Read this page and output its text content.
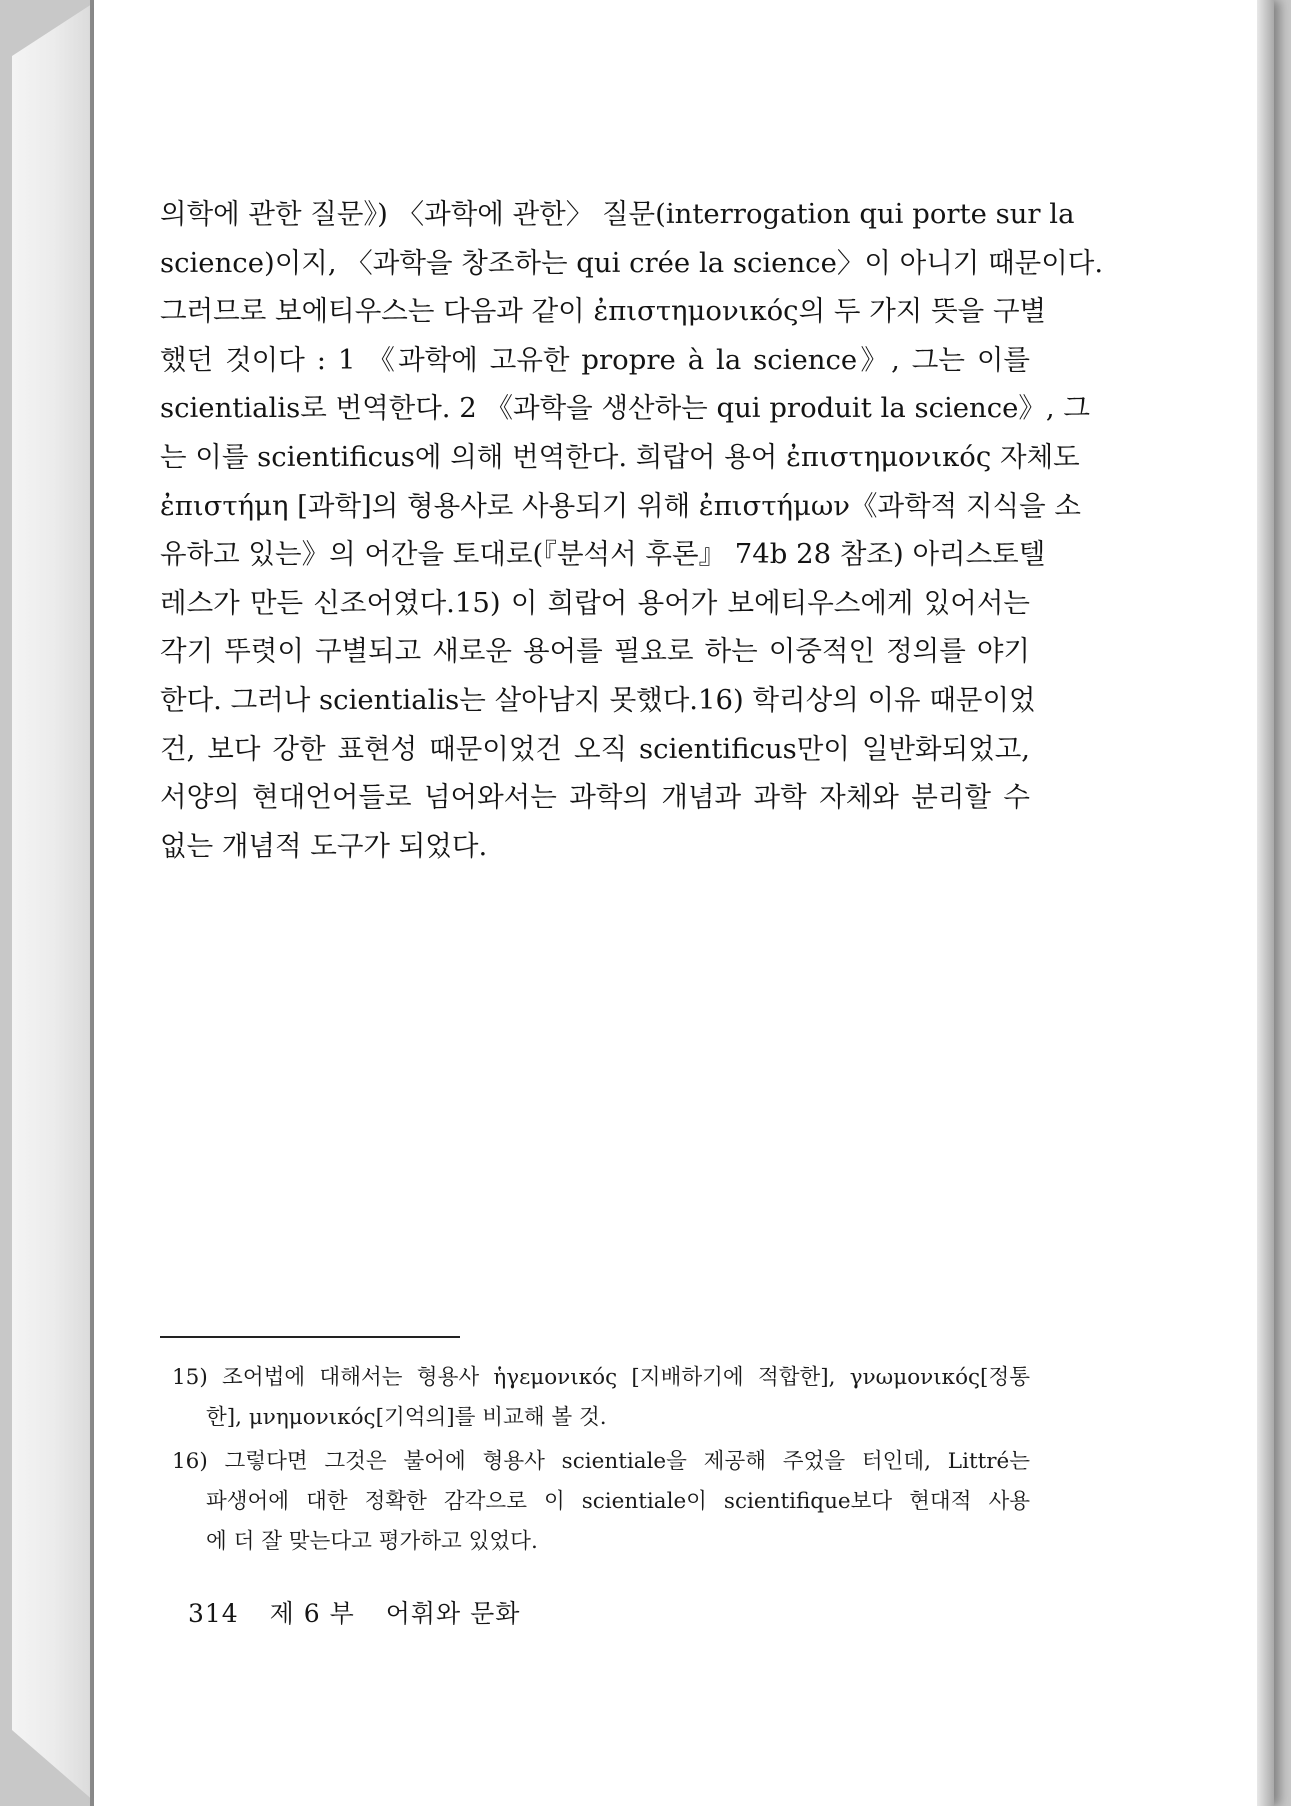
의학에 관한 질문》) 〈과학에 관한〉 질문(interrogation qui porte sur la

science)이지, 〈과학을 창조하는 qui crée la science〉이 아니기 때문이다.

그러므로 보에티우스는 다음과 같이 ἐπιστημονικός의 두 가지 뜻을 구별

했던 것이다 : 1 《과학에 고유한 propre à la science》, 그는 이를

scientialis로 번역한다. 2 《과학을 생산하는 qui produit la science》, 그

는 이를 scientificus에 의해 번역한다. 희랍어 용어 ἐπιστημονικός 자체도

ἐπιστήμη [과학]의 형용사로 사용되기 위해 ἐπιστήμων《과학적 지식을 소

유하고 있는》의 어간을 토대로(『분석서 후론』 74b 28 참조) 아리스토텔

레스가 만든 신조어였다.15) 이 희랍어 용어가 보에티우스에게 있어서는

각기 뚜렷이 구별되고 새로운 용어를 필요로 하는 이중적인 정의를 야기

한다. 그러나 scientialis는 살아남지 못했다.16) 학리상의 이유 때문이었

건, 보다 강한 표현성 때문이었건 오직 scientificus만이 일반화되었고,

서양의 현대언어들로 넘어와서는 과학의 개념과 과학 자체와 분리할 수

없는 개념적 도구가 되었다.

15) 조어법에 대해서는 형용사 ἡγεμονικός [지배하기에 적합한], γνωμονικός[정통
한], μνημονικός[기억의]를 비교해 볼 것.
16) 그렇다면 그것은 불어에 형용사 scientiale을 제공해 주었을 터인데, Littré는
파생어에 대한 정확한 감각으로 이 scientiale이 scientifique보다 현대적 사용
에 더 잘 맞는다고 평가하고 있었다.
314 제 6 부 어휘와 문화
